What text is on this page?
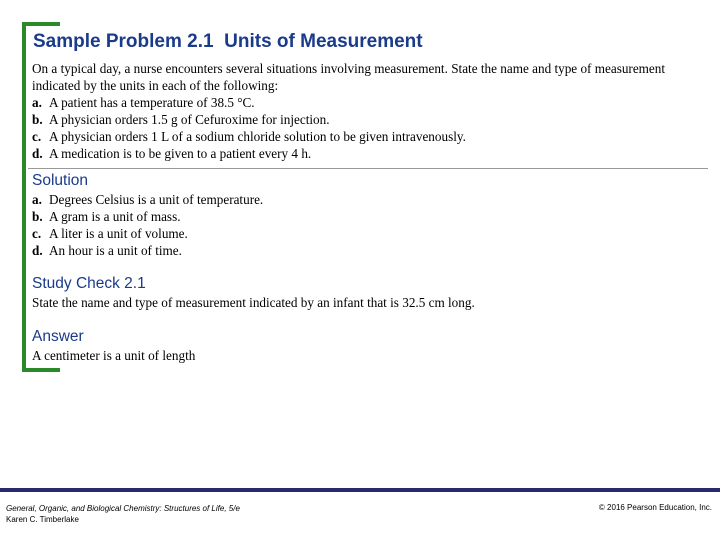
Sample Problem 2.1 Units of Measurement

On a typical day, a nurse encounters several situations involving measurement. State the name and type of measurement indicated by the units in each of the following:

a. A patient has a temperature of 38.5 °C.
b. A physician orders 1.5 g of Cefuroxime for injection.
c. A physician orders 1 L of a sodium chloride solution to be given intravenously.
d. A medication is to be given to a patient every 4 h.
Solution
a. Degrees Celsius is a unit of temperature.
b. A gram is a unit of mass.
c. A liter is a unit of volume.
d. An hour is a unit of time.
Study Check 2.1
State the name and type of measurement indicated by an infant that is 32.5 cm long.
Answer
A centimeter is a unit of length
General, Organic, and Biological Chemistry: Structures of Life, 5/e
Karen C. Timberlake
© 2016 Pearson Education, Inc.
